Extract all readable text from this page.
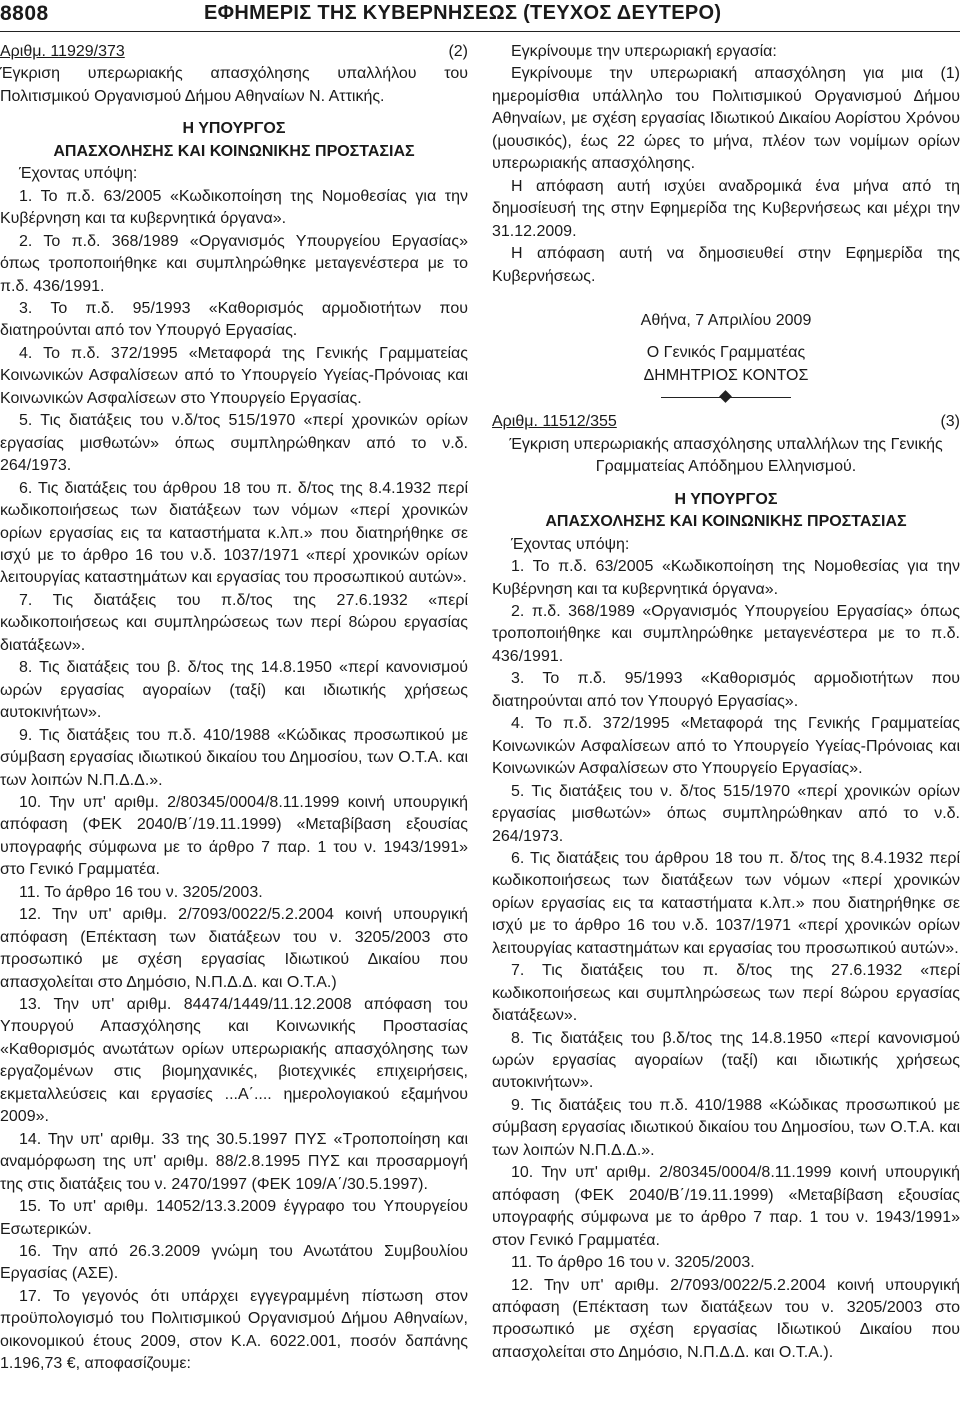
8808	ΕΦΗΜΕΡΙΣ ΤΗΣ ΚΥΒΕΡΝΗΣΕΩΣ (ΤΕΥΧΟΣ ΔΕΥΤΕΡΟ)
Αριθμ. 11929/373	(2)

Έγκριση υπερωριακής απασχόλησης υπαλλήλου του Πολιτισμικού Οργανισμού Δήμου Αθηναίων Ν. Αττικής.

Η ΥΠΟΥΡΓΟΣ

ΑΠΑΣΧΟΛΗΣΗΣ ΚΑΙ ΚΟΙΝΩΝΙΚΗΣ ΠΡΟΣΤΑΣΙΑΣ

Έχοντας υπόψη:

1. Το π.δ. 63/2005 «Κωδικοποίηση της Νομοθεσίας για την Κυβέρνηση και τα κυβερνητικά όργανα».

2. Το π.δ. 368/1989 «Οργανισμός Υπουργείου Εργασίας» όπως τροποποιήθηκε και συμπληρώθηκε μεταγενέστερα με το π.δ. 436/1991.

3. Το π.δ. 95/1993 «Καθορισμός αρμοδιοτήτων που διατηρούνται από τον Υπουργό Εργασίας.

4. Το π.δ. 372/1995 «Μεταφορά της Γενικής Γραμματείας Κοινωνικών Ασφαλίσεων από το Υπουργείο Υγείας-Πρόνοιας και Κοινωνικών Ασφαλίσεων στο Υπουργείο Εργασίας.

5. Τις διατάξεις του ν.δ/τος 515/1970 «περί χρονικών ορίων εργασίας μισθωτών» όπως συμπληρώθηκαν από το ν.δ. 264/1973.

6. Τις διατάξεις του άρθρου 18 του π. δ/τος της 8.4.1932 περί κωδικοποιήσεως των διατάξεων των νόμων «περί χρονικών ορίων εργασίας εις τα καταστήματα κ.λπ.» που διατηρήθηκε σε ισχύ με το άρθρο 16 του ν.δ. 1037/1971 «περί χρονικών ορίων λειτουργίας καταστημάτων και εργασίας του προσωπικού αυτών».

7. Τις διατάξεις του π.δ/τος της 27.6.1932 «περί κωδικοποιήσεως και συμπληρώσεως των περί 8ώρου εργασίας διατάξεων».

8. Τις διατάξεις του β. δ/τος της 14.8.1950 «περί κανονισμού ωρών εργασίας αγοραίων (ταξί) και ιδιωτικής χρήσεως αυτοκινήτων».

9. Τις διατάξεις του π.δ. 410/1988 «Κώδικας προσωπικού με σύμβαση εργασίας ιδιωτικού δικαίου του Δημοσίου, των Ο.Τ.Α. και των λοιπών Ν.Π.Δ.Δ.».

10. Την υπ' αριθμ. 2/80345/0004/8.11.1999 κοινή υπουργική απόφαση (ΦΕΚ 2040/Β΄/19.11.1999) «Μεταβίβαση εξουσίας υπογραφής σύμφωνα με το άρθρο 7 παρ. 1 του ν. 1943/1991» στο Γενικό Γραμματέα.

11. Το άρθρο 16 του ν. 3205/2003.

12. Την υπ' αριθμ. 2/7093/0022/5.2.2004 κοινή υπουργική απόφαση (Επέκταση των διατάξεων του ν. 3205/2003 στο προσωπικό με σχέση εργασίας Ιδιωτικού Δικαίου που απασχολείται στο Δημόσιο, Ν.Π.Δ.Δ. και Ο.Τ.Α.)

13. Την υπ' αριθμ. 84474/1449/11.12.2008 απόφαση του Υπουργού Απασχόλησης και Κοινωνικής Προστασίας «Καθορισμός ανωτάτων ορίων υπερωριακής απασχόλησης των εργαζομένων στις βιομηχανικές, βιοτεχνικές επιχειρήσεις, εκμεταλλεύσεις και εργασίες ...Α΄.... ημερολογιακού εξαμήνου 2009».

14. Την υπ' αριθμ. 33 της 30.5.1997 ΠΥΣ «Τροποποίηση και αναμόρφωση της υπ' αριθμ. 88/2.8.1995 ΠΥΣ και προσαρμογή της στις διατάξεις του ν. 2470/1997 (ΦΕΚ 109/Α΄/30.5.1997).

15. Το υπ' αριθμ. 14052/13.3.2009 έγγραφο του Υπουργείου Εσωτερικών.

16. Την από 26.3.2009 γνώμη του Ανωτάτου Συμβουλίου Εργασίας (ΑΣΕ).

17. Το γεγονός ότι υπάρχει εγγεγραμμένη πίστωση στον προϋπολογισμό του Πολιτισμικού Οργανισμού Δήμου Αθηναίων, οικονομικού έτους 2009, στον Κ.Α. 6022.001, ποσόν δαπάνης 1.196,73 €, αποφασίζουμε:

Εγκρίνουμε την υπερωριακή εργασία:

Εγκρίνουμε την υπερωριακή απασχόληση για μια (1) ημερομίσθια υπάλληλο του Πολιτισμικού Οργανισμού Δήμου Αθηναίων, με σχέση εργασίας Ιδιωτικού Δικαίου Αορίστου Χρόνου (μουσικός), έως 22 ώρες το μήνα, πλέον των νομίμων ορίων υπερωριακής απασχόλησης.

Η απόφαση αυτή ισχύει αναδρομικά ένα μήνα από τη δημοσίευσή της στην Εφημερίδα της Κυβερνήσεως και μέχρι την 31.12.2009.

Η απόφαση αυτή να δημοσιευθεί στην Εφημερίδα της Κυβερνήσεως.

Αθήνα, 7 Απριλίου 2009

Ο Γενικός Γραμματέας

ΔΗΜΗΤΡΙΟΣ ΚΟΝΤΟΣ

Αριθμ. 11512/355	(3)

Έγκριση υπερωριακής απασχόλησης υπαλλήλων της Γενικής Γραμματείας Απόδημου Ελληνισμού.

Η ΥΠΟΥΡΓΟΣ

ΑΠΑΣΧΟΛΗΣΗΣ ΚΑΙ ΚΟΙΝΩΝΙΚΗΣ ΠΡΟΣΤΑΣΙΑΣ

Έχοντας υπόψη:

1. Το π.δ. 63/2005 «Κωδικοποίηση της Νομοθεσίας για την Κυβέρνηση και τα κυβερνητικά όργανα».

2. π.δ. 368/1989 «Οργανισμός Υπουργείου Εργασίας» όπως τροποποιήθηκε και συμπληρώθηκε μεταγενέστερα με το π.δ. 436/1991.

3. Το π.δ. 95/1993 «Καθορισμός αρμοδιοτήτων που διατηρούνται από τον Υπουργό Εργασίας».

4. Το π.δ. 372/1995 «Μεταφορά της Γενικής Γραμματείας Κοινωνικών Ασφαλίσεων από το Υπουργείο Υγείας-Πρόνοιας και Κοινωνικών Ασφαλίσεων στο Υπουργείο Εργασίας».

5. Τις διατάξεις του ν. δ/τος 515/1970 «περί χρονικών ορίων εργασίας μισθωτών» όπως συμπληρώθηκαν από το ν.δ. 264/1973.

6. Τις διατάξεις του άρθρου 18 του π. δ/τος της 8.4.1932 περί κωδικοποιήσεως των διατάξεων των νόμων «περί χρονικών ορίων εργασίας εις τα καταστήματα κ.λπ.» που διατηρήθηκε σε ισχύ με το άρθρο 16 του ν.δ. 1037/1971 «περί χρονικών ορίων λειτουργίας καταστημάτων και εργασίας του προσωπικού αυτών».

7. Τις διατάξεις του π. δ/τος της 27.6.1932 «περί κωδικοποιήσεως και συμπληρώσεως των περί 8ώρου εργασίας διατάξεων».

8. Τις διατάξεις του β.δ/τος της 14.8.1950 «περί κανονισμού ωρών εργασίας αγοραίων (ταξί) και ιδιωτικής χρήσεως αυτοκινήτων».

9. Τις διατάξεις του π.δ. 410/1988 «Κώδικας προσωπικού με σύμβαση εργασίας ιδιωτικού δικαίου του Δημοσίου, των Ο.Τ.Α. και των λοιπών Ν.Π.Δ.Δ.».

10. Την υπ' αριθμ. 2/80345/0004/8.11.1999 κοινή υπουργική απόφαση (ΦΕΚ 2040/Β΄/19.11.1999) «Μεταβίβαση εξουσίας υπογραφής σύμφωνα με το άρθρο 7 παρ. 1 του ν. 1943/1991» στον Γενικό Γραμματέα.

11. Το άρθρο 16 του ν. 3205/2003.

12. Την υπ' αριθμ. 2/7093/0022/5.2.2004 κοινή υπουργική απόφαση (Επέκταση των διατάξεων του ν. 3205/2003 στο προσωπικό με σχέση εργασίας Ιδιωτικού Δικαίου που απασχολείται στο Δημόσιο, Ν.Π.Δ.Δ. και Ο.Τ.Α.).
